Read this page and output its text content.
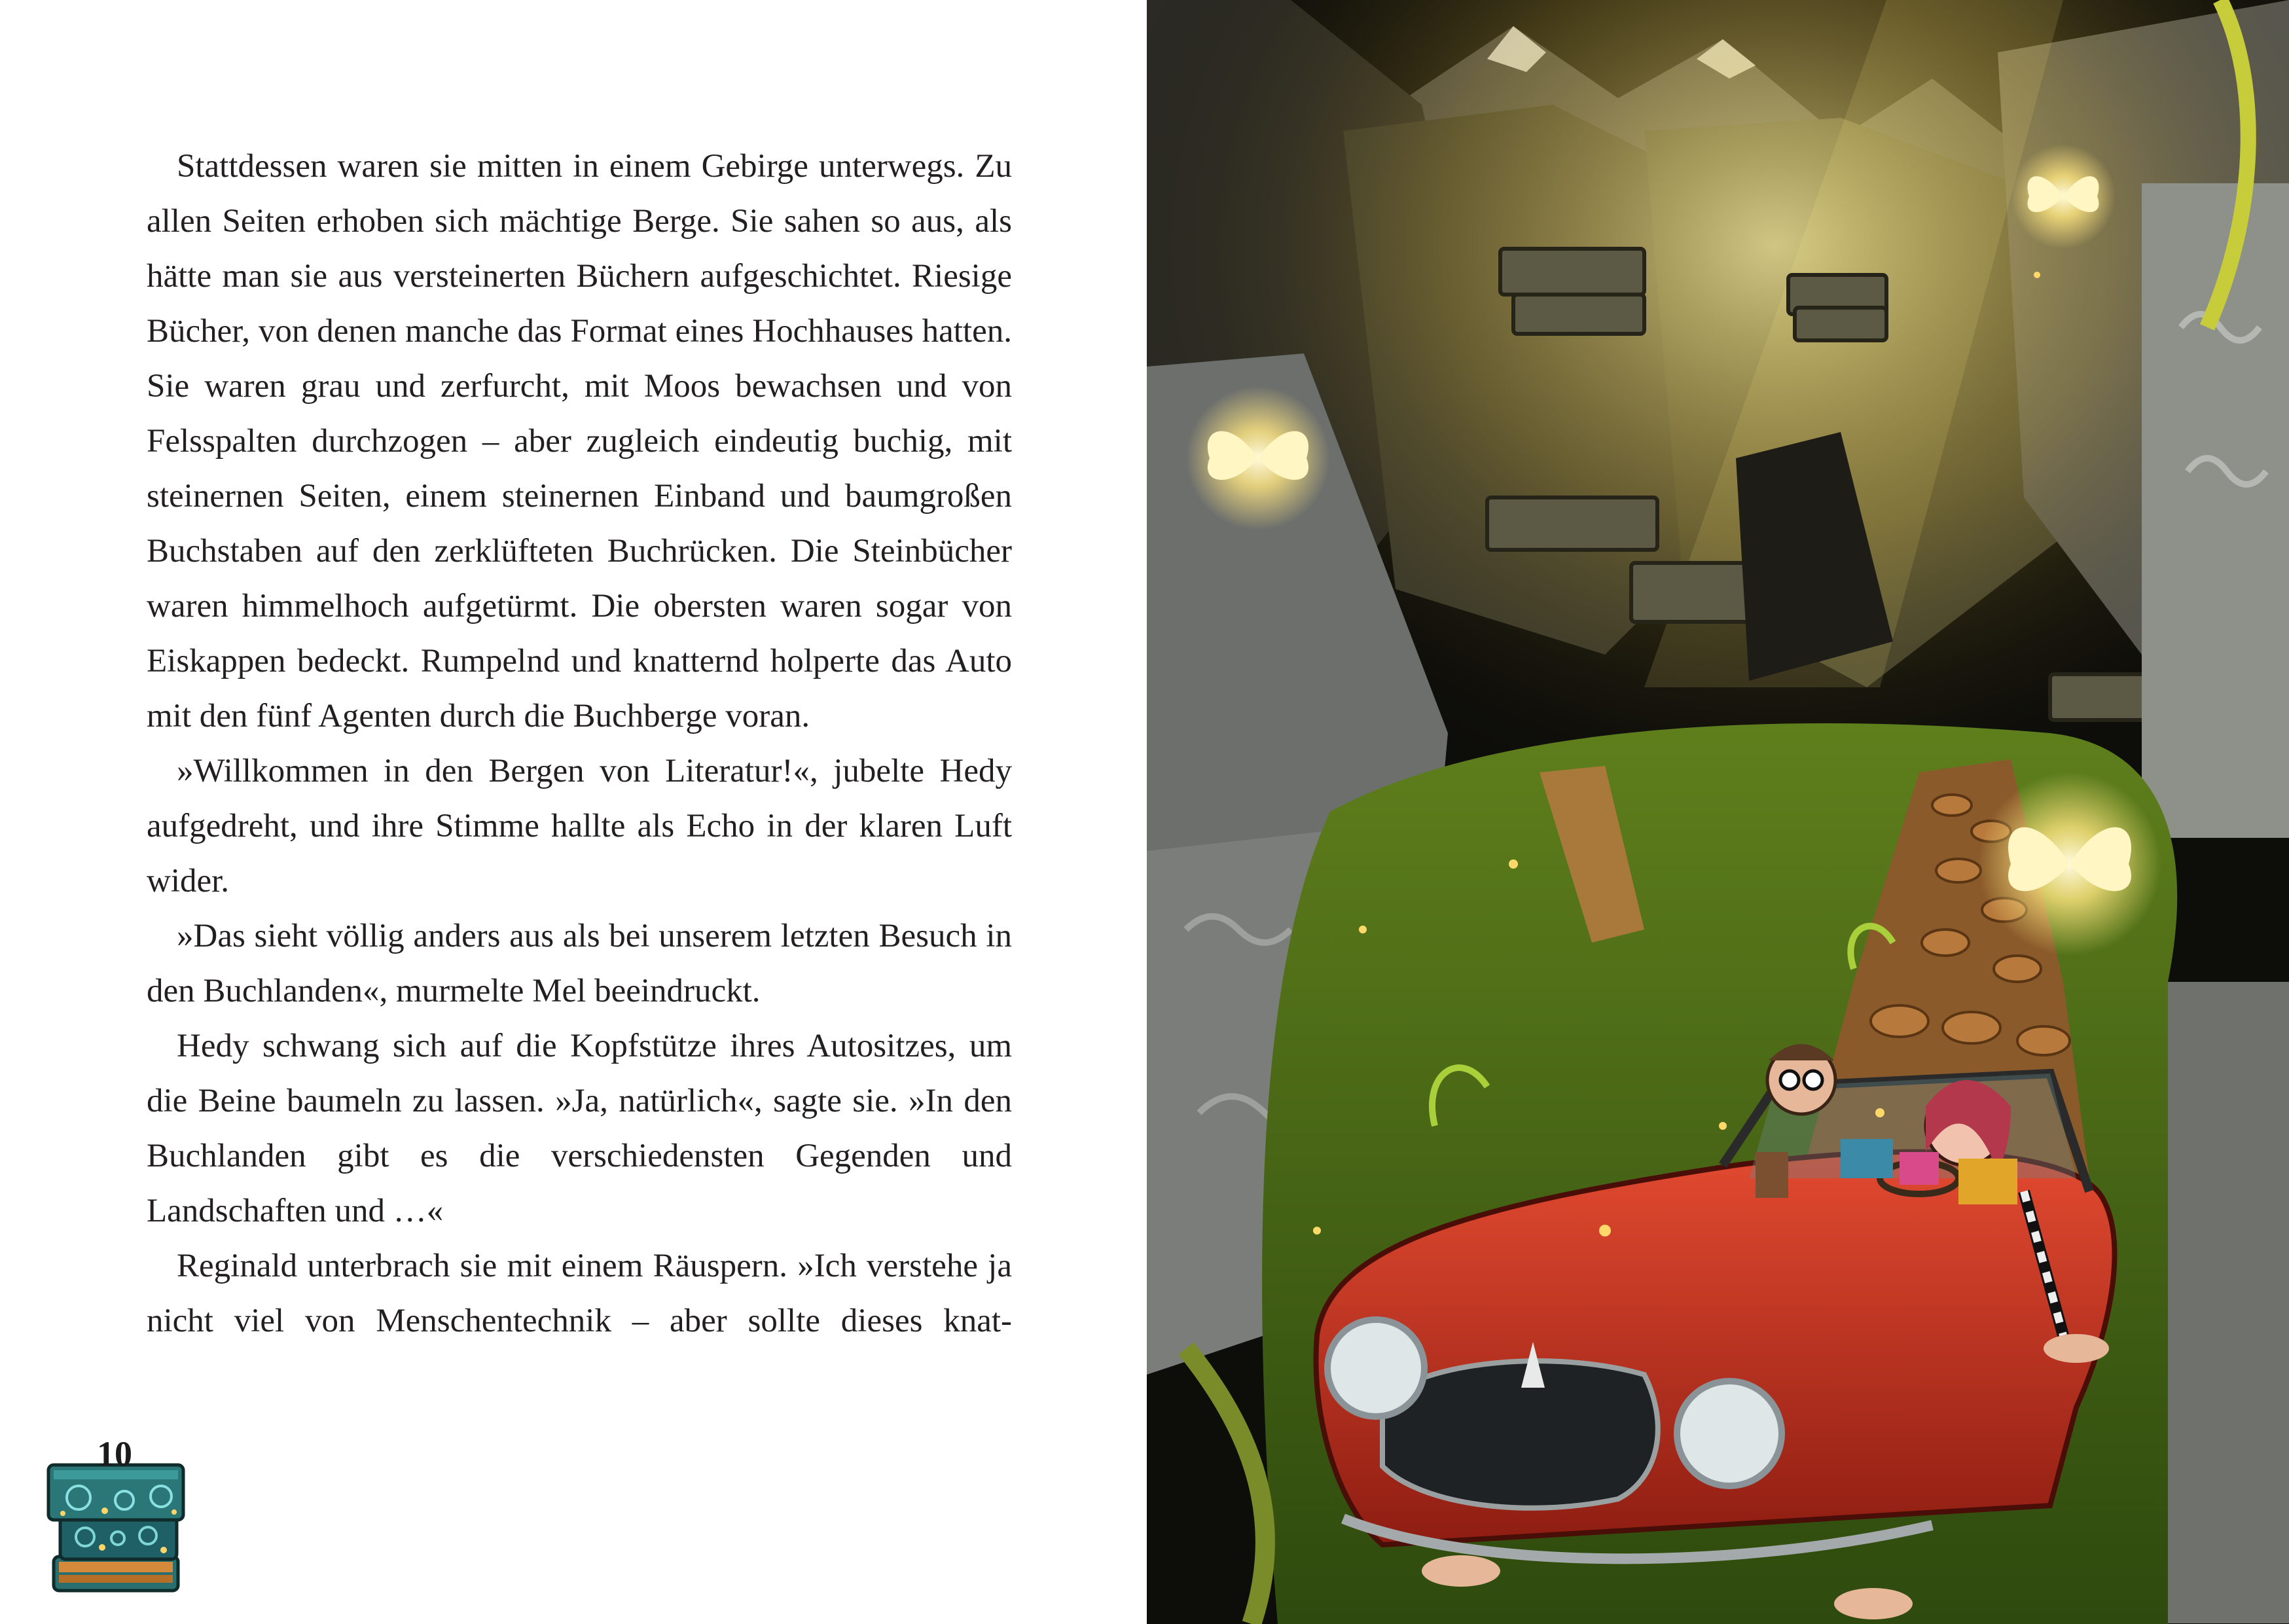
Stattdessen waren sie mitten in einem Gebirge unterwegs. Zu allen Seiten erhoben sich mächtige Berge. Sie sahen so aus, als hätte man sie aus versteinerten Büchern aufgeschichtet. Riesige Bücher, von denen manche das Format eines Hochhauses hatten. Sie waren grau und zerfurcht, mit Moos bewachsen und von Felsspalten durchzogen – aber zugleich eindeutig buchig, mit steinernen Seiten, einem steinernen Einband und baumgroßen Buchstaben auf den zerklüfteten Buchrücken. Die Steinbücher waren himmelhoch aufgetürmt. Die obersten waren sogar von Eiskappen bedeckt. Rumpelnd und knatternd holperte das Auto mit den fünf Agenten durch die Buchberge voran.

»Willkommen in den Bergen von Literatur!«, jubelte Hedy aufgedreht, und ihre Stimme hallte als Echo in der klaren Luft wider.

»Das sieht völlig anders aus als bei unserem letzten Besuch in den Buchlanden«, murmelte Mel beeindruckt.

Hedy schwang sich auf die Kopfstütze ihres Autositzes, um die Beine baumeln zu lassen. »Ja, natürlich«, sagte sie. »In den Buchlanden gibt es die verschiedensten Gegenden und Landschaften und …«

Reginald unterbrach sie mit einem Räuspern. »Ich verstehe ja nicht viel von Menschentechnik – aber sollte dieses knat-

10
